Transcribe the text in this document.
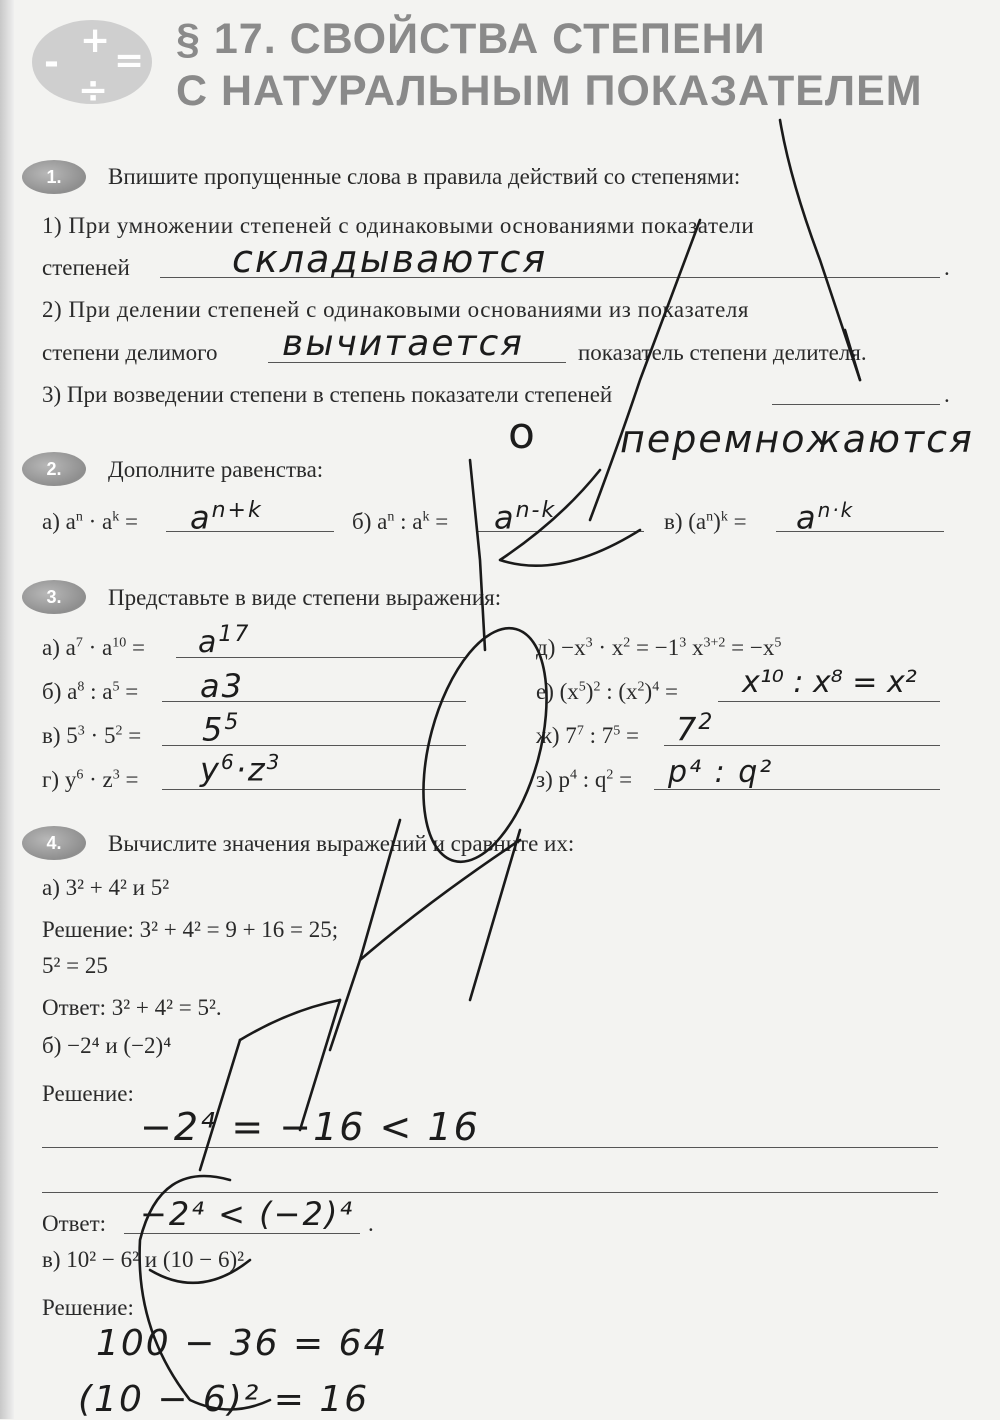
-
+ =
÷
§ 17. СВОЙСТВА СТЕПЕНИ
С НАТУРАЛЬНЫМ ПОКАЗАТЕЛЕМ
1.	Впишите пропущенные слова в правила действий со степенями:
1) При умножении степеней с одинаковыми основаниями показатели
степеней	складываются	.
2) При делении степеней с одинаковыми основаниями из показателя
степени делимого вычитается показатель степени делителя.
3) При возведении степени в степень показатели степеней	.
о перемножаются
2.	Дополните равенства:
а) $a^n \cdot a^k = a^{n+k}$	б) $a^n$ : $a^k = a^{n-k}$	в) $(a^n)^k = a^{n\cdot k}$
3.	Представьте в виде степени выражения:
а) $a^7 \cdot a^{10} = a^{17}$
б) $a^8$ : $a^5 = a3$
в) $5^3 \cdot 5^2 = 5^5$
г) $y^6 \cdot z^3 = y^6\cdot z^3$
$д) -x^3 \cdot x^2 = -1^3$ $x^{3+2} = -x^5$
е) $(x^5)^2$ : $(x^2)^4 = x^{10}$ : x⁸ = x²
ж) $7^7$ : $7^5 = 7^2$
з) $p^4$ : $q^2 = p^4$ : q²
4.	Вычислите значения выражений и сравните их:
а) 3² + 4² и 5²
Решение: 3² + 4² = 9 + 16 = 25;
5² = 25
Ответ: 3² + 4² = 5².
б) −2⁴ и (−2)⁴
Решение:
−2⁴ = −16 < 16
Ответ: −2⁴ < (−2)⁴ .
в) 10² − 6² и (10 − 6)²
Решение:
100 − 36 = 64
(10 − 6)² = 16
